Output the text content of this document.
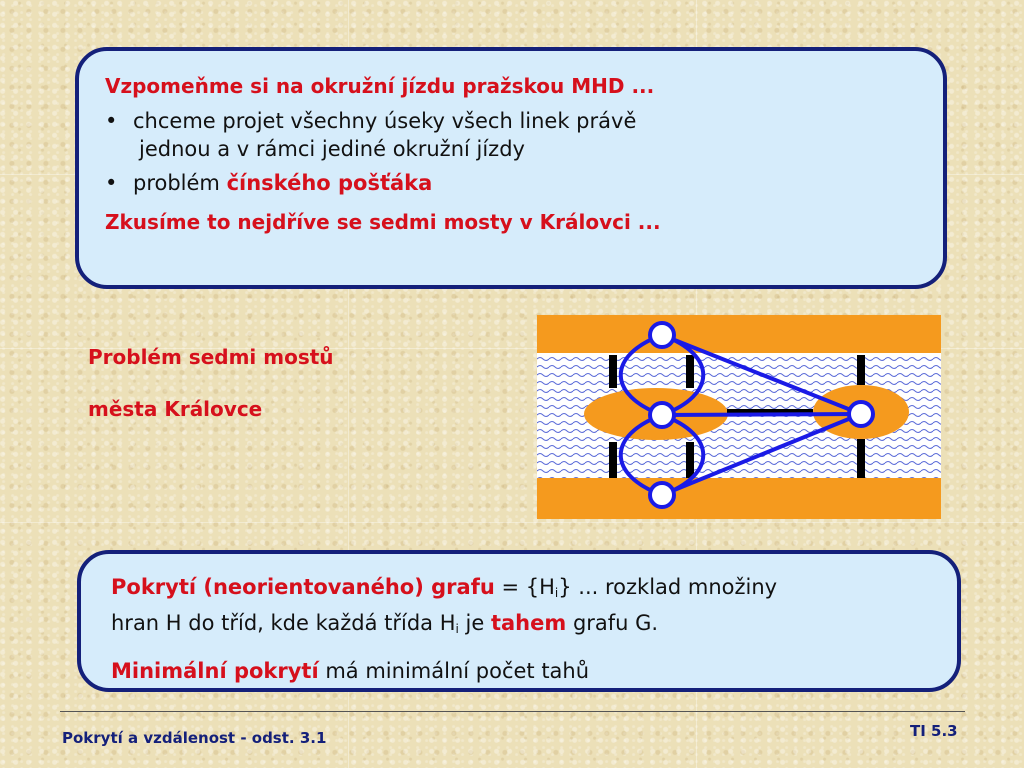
Vzpomeňme si na okružní jízdu pražskou MHD ...
• chceme projet všechny úseky všech linek právě
jednou a v rámci jediné okružní jízdy
• problém čínského pošťáka
Zkusíme to nejdříve se sedmi mosty v Královci ...
Problém sedmi mostů
města Královce
Pokrytí (neorientovaného) grafu = $\{H_i\}$ ... rozklad množiny
hran H do tříd, kde každá třída $H_i$ je tahem grafu G.
Minimální pokrytí má minimální počet tahů
Pokrytí a vzdálenost - odst. 3.1	TI 5.3
